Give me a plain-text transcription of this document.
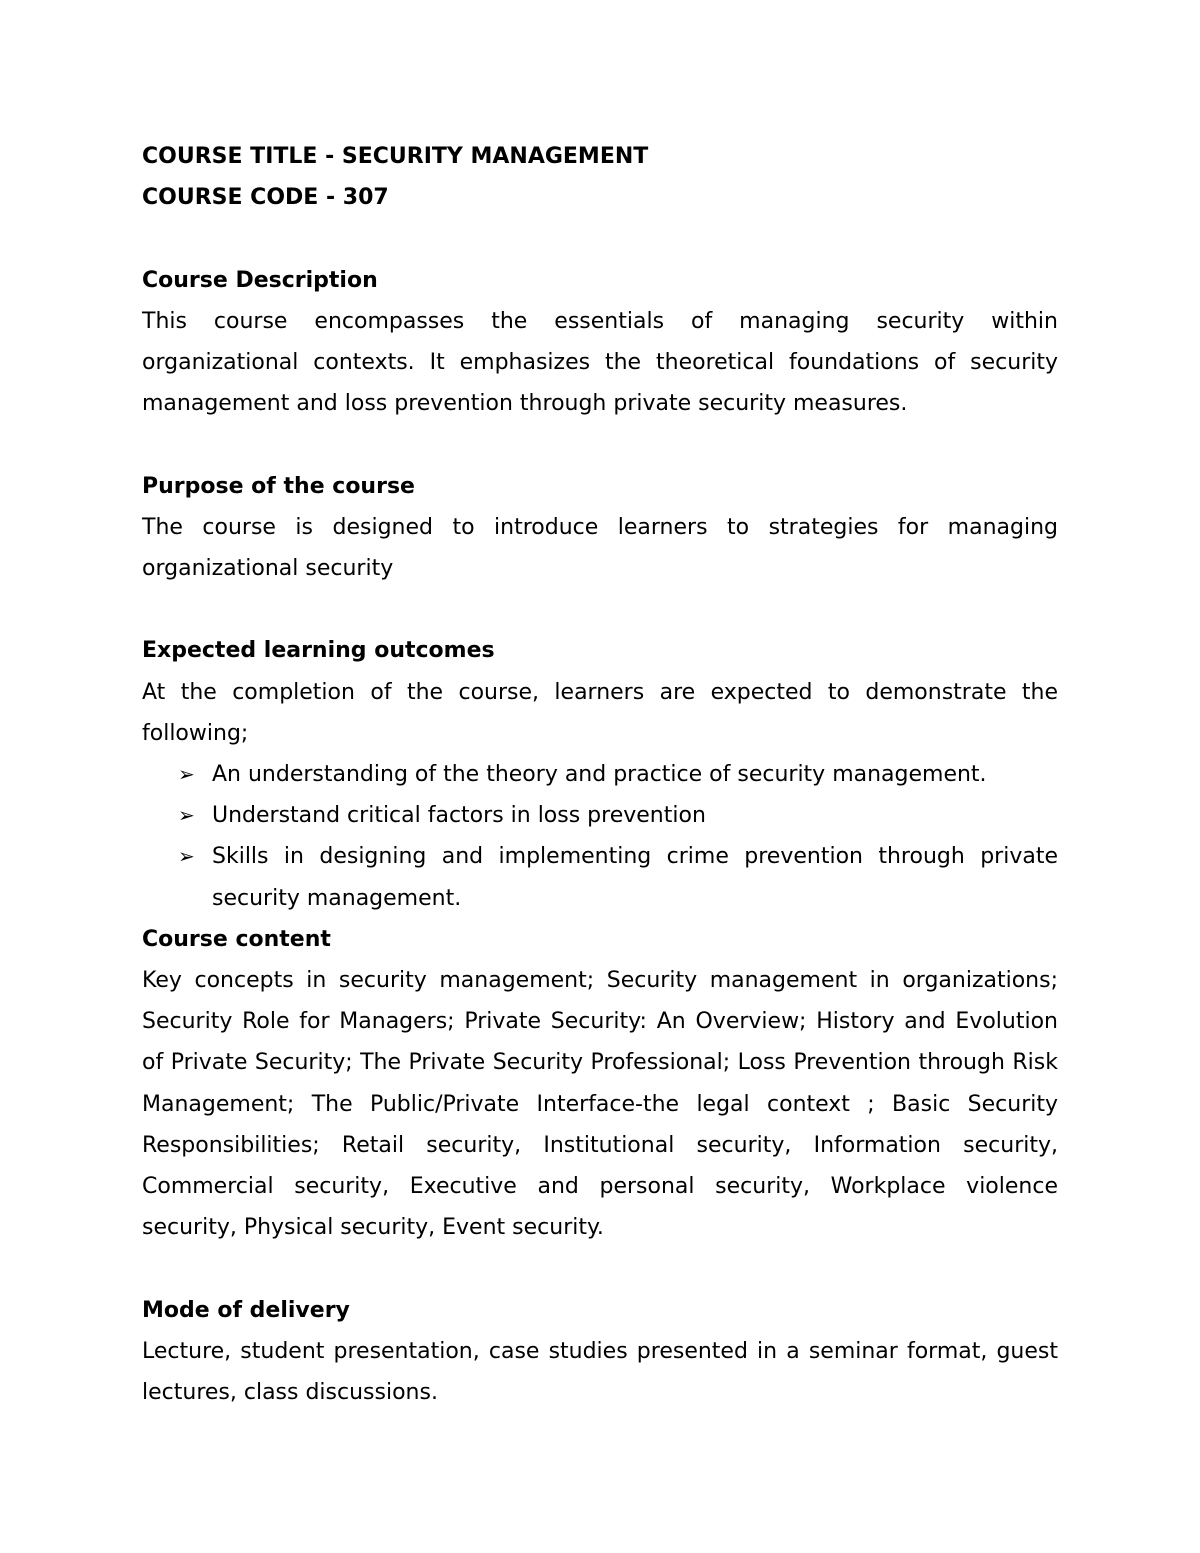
COURSE TITLE - SECURITY MANAGEMENT

COURSE CODE - 307

Course Description

This course encompasses the essentials of managing security within organizational contexts. It emphasizes the theoretical foundations of security management and loss prevention through private security measures.

Purpose of the course

The course is designed to introduce learners to strategies for managing organizational security

Expected learning outcomes

At the completion of the course, learners are expected to demonstrate the following;

➢ An understanding of the theory and practice of security management.
➢ Understand critical factors in loss prevention
➢ Skills in designing and implementing crime prevention through private security management.

Course content

Key concepts in security management; Security management in organizations; Security Role for Managers; Private Security: An Overview; History and Evolution of Private Security; The Private Security Professional; Loss Prevention through Risk Management; The Public/Private Interface-the legal context ; Basic Security Responsibilities; Retail security, Institutional security, Information security, Commercial security, Executive and personal security, Workplace violence security, Physical security, Event security.

Mode of delivery

Lecture, student presentation, case studies presented in a seminar format, guest lectures, class discussions.
